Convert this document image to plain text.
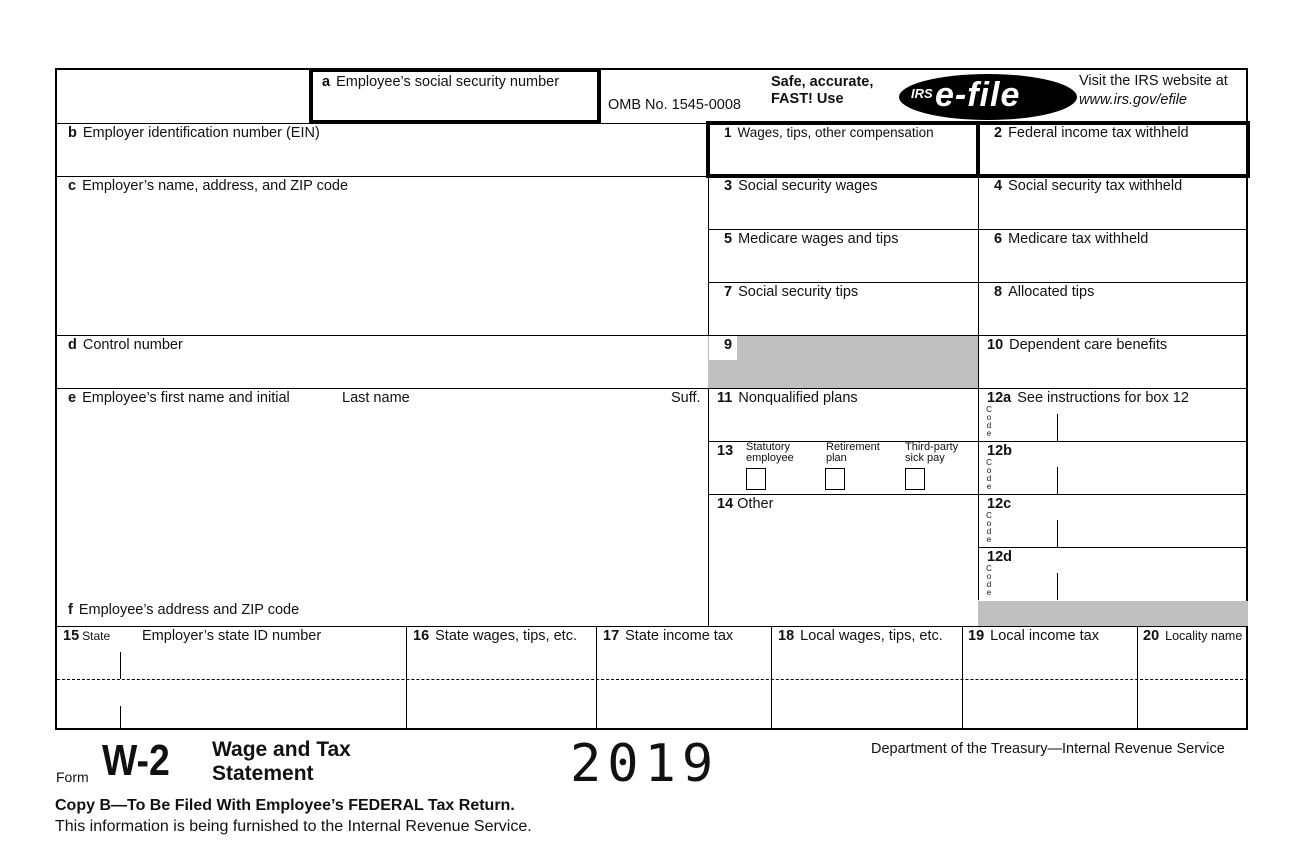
a Employee’s social security number
OMB No. 1545-0008
Safe, accurate,
FAST! Use	IRS e-file	Visit the IRS website at
www.irs.gov/efile
b Employer identification number (EIN)
c Employer’s name, address, and ZIP code
d Control number
e Employee’s first name and initial	Last name	Suff.
f Employee’s address and ZIP code
1 Wages, tips, other compensation
3 Social security wages
5 Medicare wages and tips
7 Social security tips
9
11 Nonqualified plans
13	Statutory
employee
Retirement
plan
Third-party
sick pay
14 Other
2 Federal income tax withheld
4 Social security tax withheld
6 Medicare tax withheld
8 Allocated tips
10 Dependent care benefits
12a See instructions for box 12
12b
12c
12d
C
o
d
e
C
o
d
e
C
o
d
e
C
o
d
e
15 State Employer’s state ID number	16 State wages, tips, etc. 17 State income tax	18 Local wages, tips, etc. 19 Local income tax	20 Locality name
Form W-2 Wage and Tax
Statement	2019	Department of the Treasury—Internal Revenue Service
Copy B—To Be Filed With Employee’s FEDERAL Tax Return.
This information is being furnished to the Internal Revenue Service.
